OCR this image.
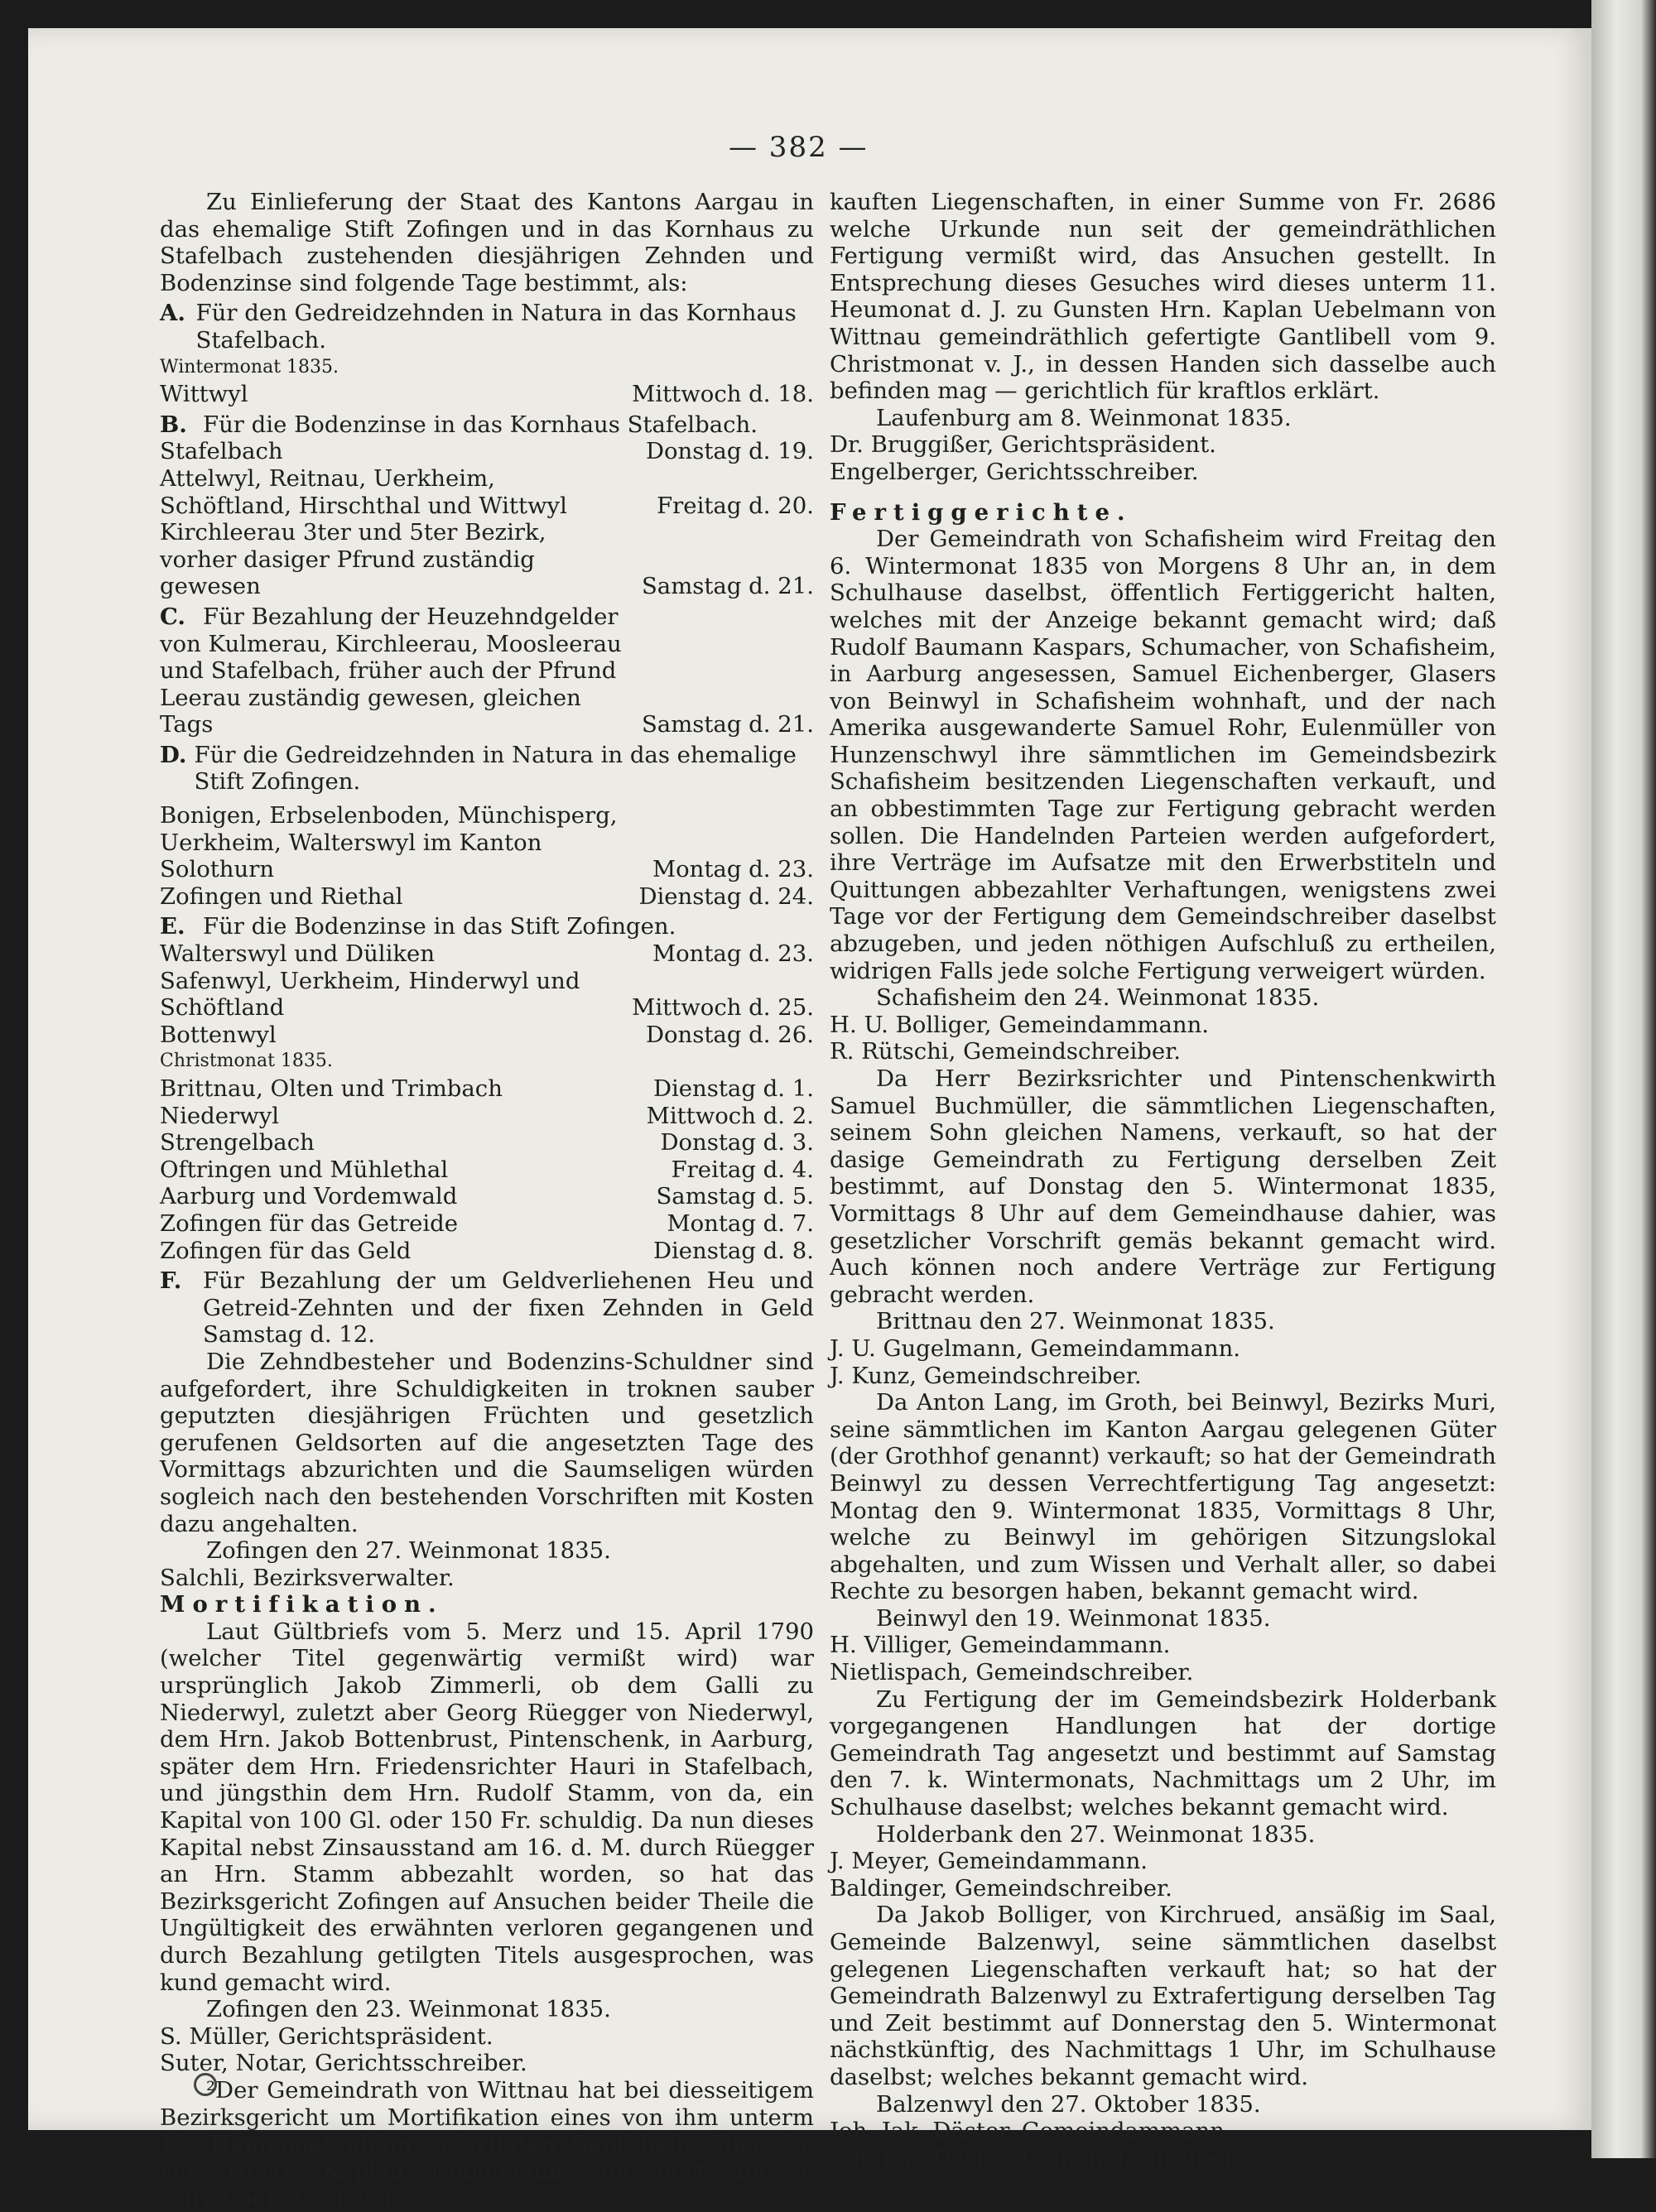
— 382 —

Zu Einlieferung der Staat des Kantons Aargau in das ehemalige Stift Zofingen und in das Kornhaus zu Stafelbach zustehenden diesjährigen Zehnden und Bodenzinse sind folgende Tage bestimmt, als:

A. Für den Gedreidzehnden in Natura in das Kornhaus Stafelbach.

Wintermonat 1835.

Wittwyl	Mittwoch d. 18.
B. Für die Bodenzinse in das Kornhaus Stafelbach.
Stafelbach	Donstag d. 19.
Attelwyl, Reitnau, Uerkheim, Schöftland, Hirschthal und Wittwyl	Freitag d. 20.
Kirchleerau 3ter und 5ter Bezirk, vorher dasiger Pfrund zuständig gewesen	Samstag d. 21.
C. Für Bezahlung der Heuzehndgelder
von Kulmerau, Kirchleerau, Moosleerau und Stafelbach, früher auch der Pfrund Leerau zuständig gewesen, gleichen Tags	Samstag d. 21.
D. Für die Gedreidzehnden in Natura in das ehemalige Stift Zofingen.
Bonigen, Erbselenboden, Münchisperg, Uerkheim, Walterswyl im Kanton Solothurn	Montag d. 23.
Zofingen und Riethal	Dienstag d. 24.
E. Für die Bodenzinse in das Stift Zofingen.
Walterswyl und Düliken	Montag d. 23.
Safenwyl, Uerkheim, Hinderwyl und Schöftland	Mittwoch d. 25.
Bottenwyl	Donstag d. 26.

Christmonat 1835.

Brittnau, Olten und Trimbach	Dienstag d. 1.
Niederwyl	Mittwoch d. 2.
Strengelbach	Donstag d. 3.
Oftringen und Mühlethal	Freitag d. 4.
Aarburg und Vordemwald	Samstag d. 5.
Zofingen für das Getreide	Montag d. 7.
Zofingen für das Geld	Dienstag d. 8.
F. Für Bezahlung der um Geldverliehenen Heu und Getreid-Zehnten und der fixen Zehnden in Geld Samstag d. 12.

Die Zehndbesteher und Bodenzins-Schuldner sind aufgefordert, ihre Schuldigkeiten in troknen sauber geputzten diesjährigen Früchten und gesetzlich gerufenen Geldsorten auf die angesetzten Tage des Vormittags abzurichten und die Saumseligen würden sogleich nach den bestehenden Vorschriften mit Kosten dazu angehalten.

Zofingen den 27. Weinmonat 1835.

Salchli, Bezirksverwalter.

Mortifikation.

Laut Gültbriefs vom 5. Merz und 15. April 1790 (welcher Titel gegenwärtig vermißt wird) war ursprünglich Jakob Zimmerli, ob dem Galli zu Niederwyl, zuletzt aber Georg Rüegger von Niederwyl, dem Hrn. Jakob Bottenbrust, Pintenschenk, in Aarburg, später dem Hrn. Friedensrichter Hauri in Stafelbach, und jüngsthin dem Hrn. Rudolf Stamm, von da, ein Kapital von 100 Gl. oder 150 Fr. schuldig. Da nun dieses Kapital nebst Zinsausstand am 16. d. M. durch Rüegger an Hrn. Stamm abbezahlt worden, so hat das Bezirksgericht Zofingen auf Ansuchen beider Theile die Ungültigkeit des erwähnten verloren gegangenen und durch Bezahlung getilgten Titels ausgesprochen, was kund gemacht wird.

Zofingen den 23. Weinmonat 1835.

S. Müller, Gerichtspräsident.

Suter, Notar, Gerichtsschreiber.

²Der Gemeindrath von Wittnau hat bei diesseitigem Bezirksgericht um Mortifikation eines von ihm unterm 11. Heumonat abhin gefertigten Gantlibells über die von Herrn Kaplan Uebelmann von dort am 9. Christmonat v. J. ver-

kauften Liegenschaften, in einer Summe von Fr. 2686 welche Urkunde nun seit der gemeindräthlichen Fertigung vermißt wird, das Ansuchen gestellt. In Entsprechung dieses Gesuches wird dieses unterm 11. Heumonat d. J. zu Gunsten Hrn. Kaplan Uebelmann von Wittnau gemeindräthlich gefertigte Gantlibell vom 9. Christmonat v. J., in dessen Handen sich dasselbe auch befinden mag — gerichtlich für kraftlos erklärt.

Laufenburg am 8. Weinmonat 1835.

Dr. Bruggißer, Gerichtspräsident.

Engelberger, Gerichtsschreiber.

Fertiggerichte.

Der Gemeindrath von Schafisheim wird Freitag den 6. Wintermonat 1835 von Morgens 8 Uhr an, in dem Schulhause daselbst, öffentlich Fertiggericht halten, welches mit der Anzeige bekannt gemacht wird; daß Rudolf Baumann Kaspars, Schumacher, von Schafisheim, in Aarburg angesessen, Samuel Eichenberger, Glasers von Beinwyl in Schafisheim wohnhaft, und der nach Amerika ausgewanderte Samuel Rohr, Eulenmüller von Hunzenschwyl ihre sämmtlichen im Gemeindsbezirk Schafisheim besitzenden Liegenschaften verkauft, und an obbestimmten Tage zur Fertigung gebracht werden sollen. Die Handelnden Parteien werden aufgefordert, ihre Verträge im Aufsatze mit den Erwerbstiteln und Quittungen abbezahlter Verhaftungen, wenigstens zwei Tage vor der Fertigung dem Gemeindschreiber daselbst abzugeben, und jeden nöthigen Aufschluß zu ertheilen, widrigen Falls jede solche Fertigung verweigert würden.

Schafisheim den 24. Weinmonat 1835.

H. U. Bolliger, Gemeindammann.

R. Rütschi, Gemeindschreiber.

Da Herr Bezirksrichter und Pintenschenkwirth Samuel Buchmüller, die sämmtlichen Liegenschaften, seinem Sohn gleichen Namens, verkauft, so hat der dasige Gemeindrath zu Fertigung derselben Zeit bestimmt, auf Donstag den 5. Wintermonat 1835, Vormittags 8 Uhr auf dem Gemeindhause dahier, was gesetzlicher Vorschrift gemäs bekannt gemacht wird. Auch können noch andere Verträge zur Fertigung gebracht werden.

Brittnau den 27. Weinmonat 1835.

J. U. Gugelmann, Gemeindammann.

J. Kunz, Gemeindschreiber.

Da Anton Lang, im Groth, bei Beinwyl, Bezirks Muri, seine sämmtlichen im Kanton Aargau gelegenen Güter (der Grothhof genannt) verkauft; so hat der Gemeindrath Beinwyl zu dessen Verrechtfertigung Tag angesetzt: Montag den 9. Wintermonat 1835, Vormittags 8 Uhr, welche zu Beinwyl im gehörigen Sitzungslokal abgehalten, und zum Wissen und Verhalt aller, so dabei Rechte zu besorgen haben, bekannt gemacht wird.

Beinwyl den 19. Weinmonat 1835.

H. Villiger, Gemeindammann.

Nietlispach, Gemeindschreiber.

Zu Fertigung der im Gemeindsbezirk Holderbank vorgegangenen Handlungen hat der dortige Gemeindrath Tag angesetzt und bestimmt auf Samstag den 7. k. Wintermonats, Nachmittags um 2 Uhr, im Schulhause daselbst; welches bekannt gemacht wird.

Holderbank den 27. Weinmonat 1835.

J. Meyer, Gemeindammann.

Baldinger, Gemeindschreiber.

Da Jakob Bolliger, von Kirchrued, ansäßig im Saal, Gemeinde Balzenwyl, seine sämmtlichen daselbst gelegenen Liegenschaften verkauft hat; so hat der Gemeindrath Balzenwyl zu Extrafertigung derselben Tag und Zeit bestimmt auf Donnerstag den 5. Wintermonat nächstkünftig, des Nachmittags 1 Uhr, im Schulhause daselbst; welches bekannt gemacht wird.

Balzenwyl den 27. Oktober 1835.

Joh. Jak. Däster, Gemeindammann.

Joh. Jak. Däster, Gemeindschreiber.
